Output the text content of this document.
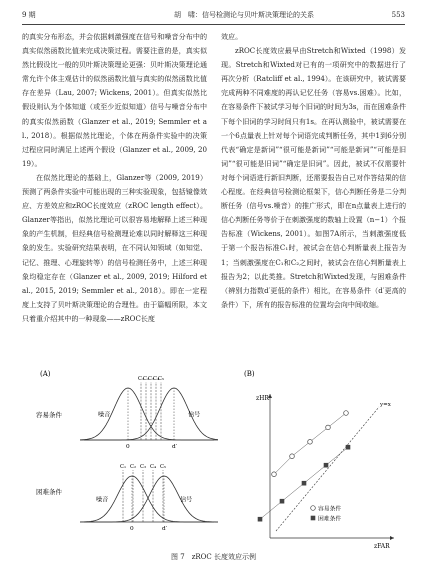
9 期	胡　啸：信号检测论与贝叶斯决策理论的关系	553

的真实分布形态，并会依据刺激强度在信号和噪音分布中的真实似然函数比值来完成决策过程。需要注意的是，真实似然比假设比一般的贝叶斯决策理论更强：贝叶斯决策理论通常允许个体主观估计的似然函数比值与真实的似然函数比值存在差异（Lau, 2007; Wickens, 2001）。但真实似然比假设则认为个体知道（或至少近似知道）信号与噪音分布中的真实似然函数（Glanzer et al., 2019; Semmler et al., 2018）。根据似然比理论，个体在两条件实验中的决策过程应同时满足上述两个假设（Glanzer et al., 2009, 2019）。

在似然比理论的基础上，Glanzer等（2009, 2019）预测了两条件实验中可能出现的三种实验现象，包括镜像效应、方差效应和zROC长度效应（zROC length effect）。Glanzer等指出，似然比理论可以很容易地解释上述三种现象的产生机制，但经典信号检测理论难以同时解释这三种现象的发生。实验研究结果表明，在不同认知领域（如知觉、记忆、推理、心理旋转等）的信号检测任务中，上述三种现象均稳定存在（Glanzer et al., 2009, 2019; Hilford et al., 2015, 2019; Semmler et al., 2018）。即在一定程度上支持了贝叶斯决策理论的合理性。由于篇幅所限，本文只着重介绍其中的一种现象——zROC长度

效应。

zROC长度效应最早由Stretch和Wixted（1998）发现。Stretch和Wixted对已有的一项研究中的数据进行了再次分析（Ratcliff et al., 1994）。在该研究中，被试需要完成两种不同难度的再认记忆任务（容易vs.困难）。比如，在容易条件下被试学习每个旧词的时间为3s，而在困难条件下每个旧词的学习时间只有1s。在再认测验中，被试需要在一个6点量表上针对每个词语完成判断任务，其中1到6分别代表“确定是新词”“很可能是新词”“可能是新词”“可能是旧词”“很可能是旧词”“确定是旧词”。因此，被试不仅需要针对每个词语进行新旧判断，还需要报告自己对作答结果的信心程度。在经典信号检测论框架下，信心判断任务是二分判断任务（信号vs.噪音）的推广形式，即在n点量表上进行的信心判断任务等价于在刺激强度的数轴上设置（n−1）个报告标准（Wickens, 2001）。如图7A所示，当刺激强度低于第一个报告标准C₁时，被试会在信心判断量表上报告为1；当刺激强度在C₁和C₂之间时，被试会在信心判断量表上报告为2；以此类推。Stretch和Wixted发现，与困难条件（辨别力指数d′更低的条件）相比，在容易条件（d′更高的条件）下，所有的报告标准的位置均会向中间收缩。

(A)
容易条件
困难条件
C₁
C₂
C₃
C₄
C₅
噪音	信号
0	d′
C₁ C₂ C₃ C₄ C₅
噪音	信号
0	d′
(B)
zHR
zFAR
y=x
容易条件
困难条件
图 7　zROC 长度效应示例
